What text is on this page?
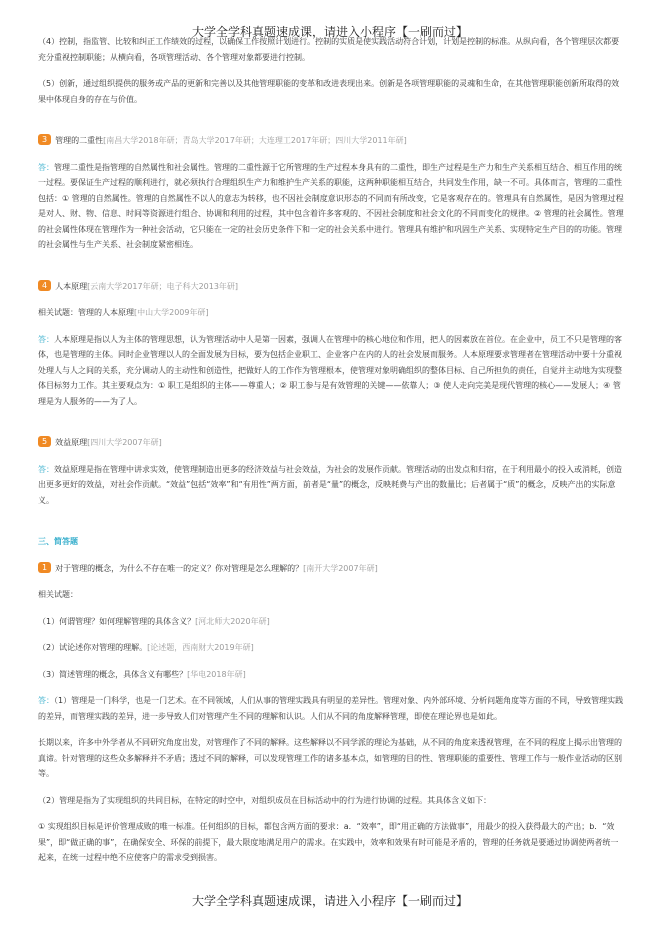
大学全学科真题速成课，请进入小程序【一刷而过】

（4）控制，指监管、比较和纠正工作绩效的过程，以确保工作按照计划进行。控制的实质是使实践活动符合计划，计划是控制的标准。从纵向看，各个管理层次都要充分重视控制职能；从横向看，各项管理活动、各个管理对象都要进行控制。

（5）创新，通过组织提供的服务或产品的更新和完善以及其他管理职能的变革和改进表现出来。创新是各项管理职能的灵魂和生命，在其他管理职能创新所取得的效果中体现自身的存在与价值。

3 管理的二重性[南昌大学2018年研；青岛大学2017年研；大连理工2017年研；四川大学2011年研]

答：管理二重性是指管理的自然属性和社会属性。管理的二重性源于它所管理的生产过程本身具有的二重性，即生产过程是生产力和生产关系相互结合、相互作用的统一过程。要保证生产过程的顺利进行，就必须执行合理组织生产力和维护生产关系的职能，这两种职能相互结合，共同发生作用，缺一不可。具体而言，管理的二重性包括：① 管理的自然属性。管理的自然属性不以人的意志为转移，也不因社会制度意识形态的不同而有所改变，它是客观存在的。管理具有自然属性，是因为管理过程是对人、财、物、信息、时间等资源进行组合、协调和利用的过程，其中包含着许多客观的、不因社会制度和社会文化的不同而变化的规律。② 管理的社会属性。管理的社会属性体现在管理作为一种社会活动，它只能在一定的社会历史条件下和一定的社会关系中进行。管理具有维护和巩固生产关系、实现特定生产目的的功能。管理的社会属性与生产关系、社会制度紧密相连。

4 人本原理[云南大学2017年研；电子科大2013年研]

相关试题：管理的人本原理[中山大学2009年研]

答：人本原理是指以人为主体的管理思想，认为管理活动中人是第一因素，强调人在管理中的核心地位和作用，把人的因素放在首位。在企业中，员工不只是管理的客体，也是管理的主体。同时企业管理以人的全面发展为目标，要为包括企业职工、企业客户在内的人的社会发展而服务。人本原理要求管理者在管理活动中要十分重视处理人与人之间的关系，充分调动人的主动性和创造性，把做好人的工作作为管理根本，使管理对象明确组织的整体目标、自己所担负的责任，自觉并主动地为实现整体目标努力工作。其主要观点为：① 职工是组织的主体——尊重人；② 职工参与是有效管理的关键——依靠人；③ 使人走向完美是现代管理的核心——发展人；④ 管理是为人服务的——为了人。

5 效益原理[四川大学2007年研]

答：效益原理是指在管理中讲求实效，使管理制造出更多的经济效益与社会效益，为社会的发展作贡献。管理活动的出发点和归宿，在于利用最小的投入或消耗，创造出更多更好的效益，对社会作贡献。“效益”包括“效率”和“有用性”两方面，前者是“量”的概念，反映耗费与产出的数量比；后者属于“质”的概念，反映产出的实际意义。

三、简答题

1 对于管理的概念，为什么不存在唯一的定义？你对管理是怎么理解的？[南开大学2007年研]

相关试题：

（1）何谓管理？如何理解管理的具体含义？[河北师大2020年研]

（2）试论述你对管理的理解。[论述题，西南财大2019年研]

（3）简述管理的概念，具体含义有哪些？[华电2018年研]

答：（1）管理是一门科学，也是一门艺术。在不同领域，人们从事的管理实践具有明显的差异性。管理对象、内外部环境、分析问题角度等方面的不同，导致管理实践的差异，而管理实践的差异，进一步导致人们对管理产生不同的理解和认识。人们从不同的角度解释管理，即使在理论界也是如此。

长期以来，许多中外学者从不同研究角度出发，对管理作了不同的解释。这些解释以不同学派的理论为基础，从不同的角度来透视管理，在不同的程度上揭示出管理的真谛。针对管理的这些众多解释并不矛盾；透过不同的解释，可以发现管理工作的诸多基本点，如管理的目的性、管理职能的重要性、管理工作与一般作业活动的区别等。

（2）管理是指为了实现组织的共同目标，在特定的时空中，对组织成员在目标活动中的行为进行协调的过程。其具体含义如下：

① 实现组织目标是评价管理成败的唯一标准。任何组织的目标，都包含两方面的要求：a．“效率”，即“用正确的方法做事”，用最少的投入获得最大的产出；b．“效果”，即“做正确的事”，在确保安全、环保的前提下，最大限度地满足用户的需求。在实践中，效率和效果有时可能是矛盾的，管理的任务就是要通过协调使两者统一起来，在统一过程中绝不应使客户的需求受到损害。

大学全学科真题速成课，请进入小程序【一刷而过】
